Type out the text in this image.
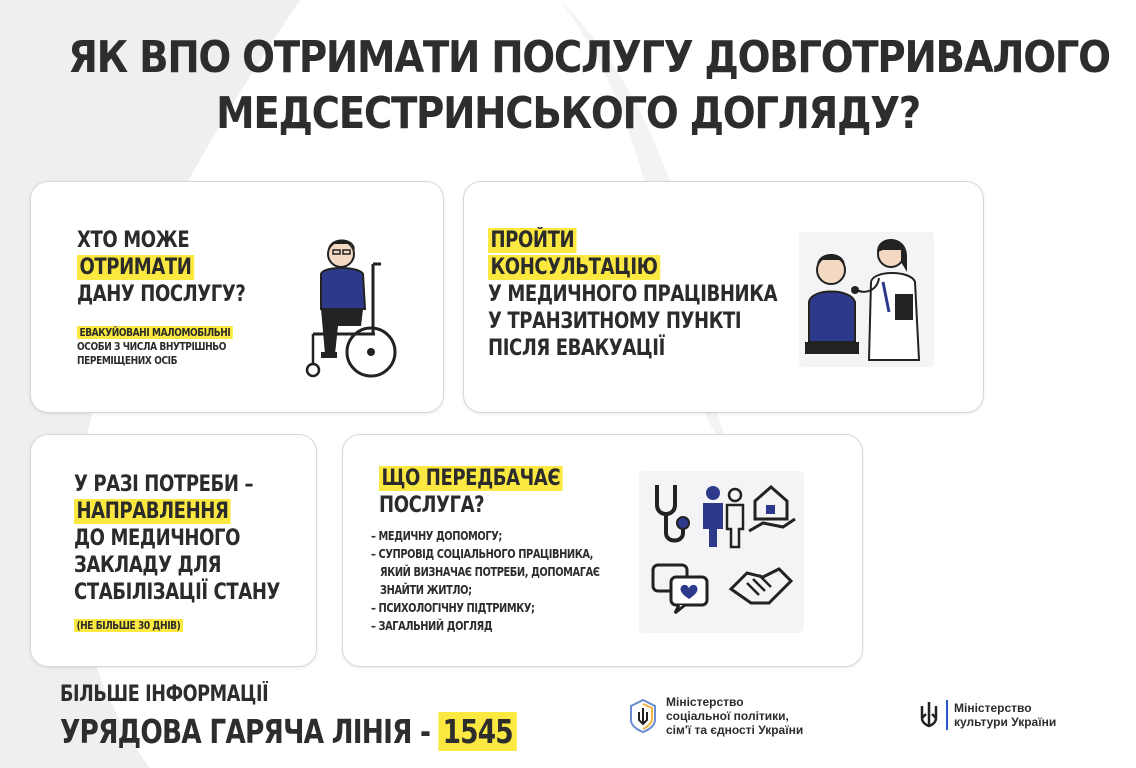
ЯК ВПО ОТРИМАТИ ПОСЛУГУ ДОВГОТРИВАЛОГО
МЕДСЕСТРИНСЬКОГО ДОГЛЯДУ?
ХТО МОЖЕ
ОТРИМАТИ
ДАНУ ПОСЛУГУ?
ЕВАКУЙОВАНІ МАЛОМОБІЛЬНІ
ОСОБИ З ЧИСЛА ВНУТРІШНЬО
ПЕРЕМІЩЕНИХ ОСІБ
ПРОЙТИ
КОНСУЛЬТАЦІЮ
У МЕДИЧНОГО ПРАЦІВНИКА
У ТРАНЗИТНОМУ ПУНКТІ
ПІСЛЯ ЕВАКУАЦІЇ
У РАЗІ ПОТРЕБИ –
НАПРАВЛЕННЯ
ДО МЕДИЧНОГО
ЗАКЛАДУ ДЛЯ
СТАБІЛІЗАЦІЇ СТАНУ
(НЕ БІЛЬШЕ 30 ДНІВ)
ЩО ПЕРЕДБАЧАЄ
ПОСЛУГА?
– МЕДИЧНУ ДОПОМОГУ;
– СУПРОВІД СОЦІАЛЬНОГО ПРАЦІВНИКА,
ЯКИЙ ВИЗНАЧАЄ ПОТРЕБИ, ДОПОМАГАЄ
ЗНАЙТИ ЖИТЛО;
– ПСИХОЛОГІЧНУ ПІДТРИМКУ;
– ЗАГАЛЬНИЙ ДОГЛЯД
БІЛЬШЕ ІНФОРМАЦІЇ
УРЯДОВА ГАРЯЧА ЛІНІЯ - 1545
Міністерство
соціальної політики,
сім'ї та єдності України
Міністерство
культури України
